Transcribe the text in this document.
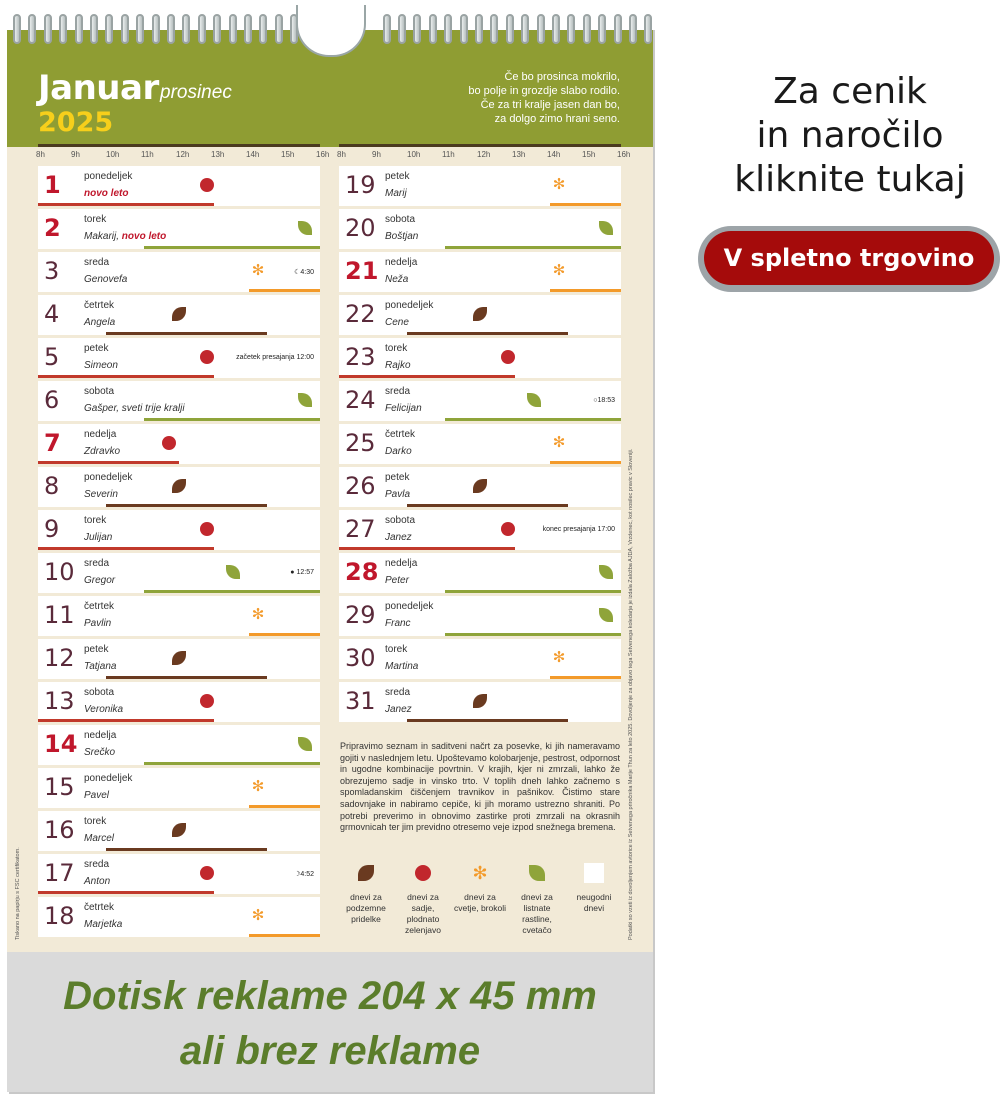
Januar prosinec
2025
Če bo prosinca mokrilo,
bo polje in grozdje slabo rodilo.
Če za tri kralje jasen dan bo,
za dolgo zimo hrani seno.
8h	9h	10h	11h	12h	13h	14h	15h	16h 8h	9h	10h	11h	12h	13h	14h	15h	16h
1 ponedeljek
novo leto
2 torek
Makarij, novo leto
3 sreda
Genovefa
✻	☾4:30
4 četrtek
Angela
5 petek
Simeon
začetek presajanja 12:00
6 sobota
Gašper, sveti trije kralji
7 nedelja
Zdravko
8 ponedeljek
Severin
9 torek
Julijan
10 sreda
Gregor
● 12:57
11 četrtek
Pavlin
✻
12 petek
Tatjana
13 sobota
Veronika
14 nedelja
Srečko
15 ponedeljek
Pavel
✻
16 torek
Marcel
17 sreda
Anton
☽4:52
18 četrtek
Marjetka
✻
19 petek
Marij
✻
20 sobota
Boštjan
21 nedelja
Neža
✻
22 ponedeljek
Cene
23 torek
Rajko
24 sreda
Felicijan
○18:53
25 četrtek
Darko
✻
26 petek
Pavla
27 sobota
Janez
konec presajanja 17:00
28 nedelja
Peter
29 ponedeljek
Franc
30 torek
Martina
✻
31 sreda
Janez
Pripravimo seznam in saditveni načrt za posevke, ki jih nameravamo gojiti v naslednjem letu. Upoštevamo kolobarjenje, pestrost, odpornost in ugodne kombinacije povrtnin. V krajih, kjer ni zmrzali, lahko že obrezujemo sadje in vinsko trto. V toplih dneh lahko začnemo s spomladanskim čiščenjem travnikov in pašnikov. Čistimo stare sadovnjake in nabiramo cepiče, ki jih moramo ustrezno shraniti. Po potrebi preverimo in obnovimo zastirke proti zmrzali na okrasnih grmovnicah ter jim previdno otresemo veje izpod snežnega bremena.
dnevi za podzemne pridelke
dnevi za sadje, plodnato zelenjavo
✻
dnevi za cvetje, brokoli
dnevi za listnate rastline, cvetačo
neugodni dnevi	Podatki so vzeti iz dovoljenjem avtorice iz Setvenega priročnika Marije Thun za leto 2025. Dovoljenje za objavo tega Setvenega koledarja je izdala Založba AJDA, Vrzdenec, kot nosilec pravic v Sloveniji.
Tiskano na papirju s FSC certifikatom.
Dotisk reklame 204 x 45 mm
ali brez reklame
Za cenik
in naročilo
kliknite tukaj
V spletno trgovino
